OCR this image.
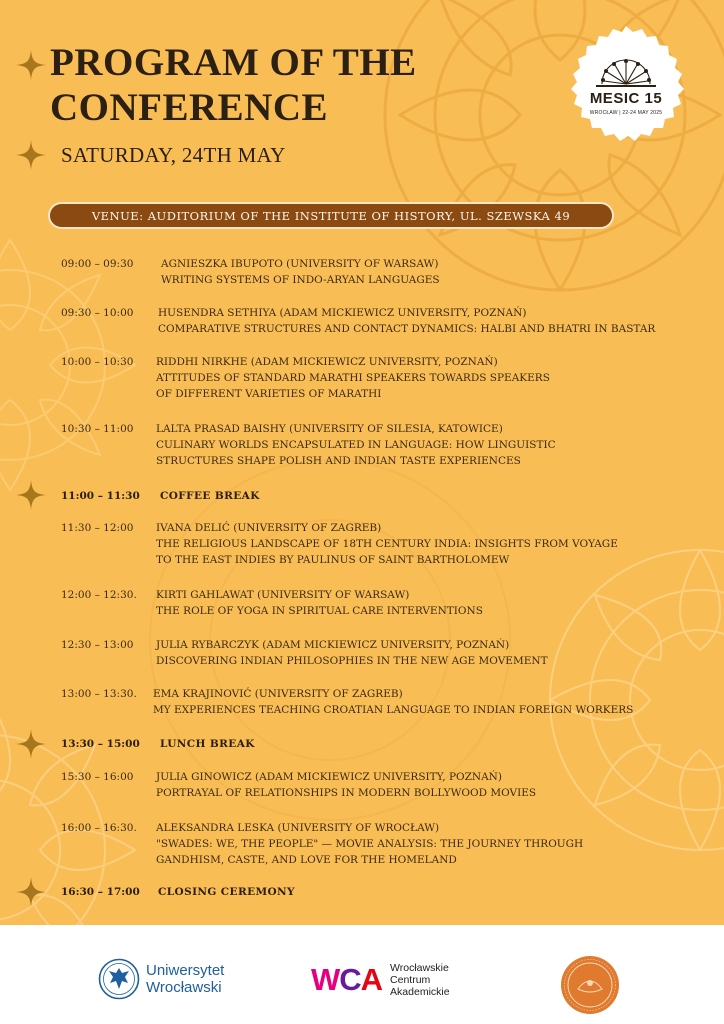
PROGRAM OF THE
CONFERENCE
SATURDAY, 24TH MAY
MESIC 15
WROCŁAW | 22-24 MAY 2025
VENUE: AUDITORIUM OF THE INSTITUTE OF HISTORY, UL. SZEWSKA 49
09:00 – 09:30	AGNIESZKA IBUPOTO (UNIVERSITY OF WARSAW)
WRITING SYSTEMS OF INDO-ARYAN LANGUAGES
09:30 – 10:00 HUSENDRA SETHIYA (ADAM MICKIEWICZ UNIVERSITY, POZNAŃ)
COMPARATIVE STRUCTURES AND CONTACT DYNAMICS: HALBI AND BHATRI IN BASTAR
10:00 – 10:30 RIDDHI NIRKHE (ADAM MICKIEWICZ UNIVERSITY, POZNAŃ)
ATTITUDES OF STANDARD MARATHI SPEAKERS TOWARDS SPEAKERS
OF DIFFERENT VARIETIES OF MARATHI
10:30 – 11:00 LALTA PRASAD BAISHY (UNIVERSITY OF SILESIA, KATOWICE)
CULINARY WORLDS ENCAPSULATED IN LANGUAGE: HOW LINGUISTIC
STRUCTURES SHAPE POLISH AND INDIAN TASTE EXPERIENCES
11:00 – 11:30 COFFEE BREAK
11:30 – 12:00 IVANA DELIĆ (UNIVERSITY OF ZAGREB)
THE RELIGIOUS LANDSCAPE OF 18TH CENTURY INDIA: INSIGHTS FROM VOYAGE
TO THE EAST INDIES BY PAULINUS OF SAINT BARTHOLOMEW
12:00 – 12:30. KIRTI GAHLAWAT (UNIVERSITY OF WARSAW)
THE ROLE OF YOGA IN SPIRITUAL CARE INTERVENTIONS
12:30 – 13:00 JULIA RYBARCZYK (ADAM MICKIEWICZ UNIVERSITY, POZNAŃ)
DISCOVERING INDIAN PHILOSOPHIES IN THE NEW AGE MOVEMENT
13:00 – 13:30. EMA KRAJINOVIĆ (UNIVERSITY OF ZAGREB)
MY EXPERIENCES TEACHING CROATIAN LANGUAGE TO INDIAN FOREIGN WORKERS
13:30 – 15:00 LUNCH BREAK
15:30 – 16:00 JULIA GINOWICZ (ADAM MICKIEWICZ UNIVERSITY, POZNAŃ)
PORTRAYAL OF RELATIONSHIPS IN MODERN BOLLYWOOD MOVIES
16:00 – 16:30. ALEKSANDRA LESKA (UNIVERSITY OF WROCŁAW)
"SWADES: WE, THE PEOPLE" — MOVIE ANALYSIS: THE JOURNEY THROUGH
GANDHISM, CASTE, AND LOVE FOR THE HOMELAND
16:30 – 17:00 CLOSING CEREMONY
Uniwersytet
Wrocławski	WCA Wrocławskie
Centrum
Akademickie
